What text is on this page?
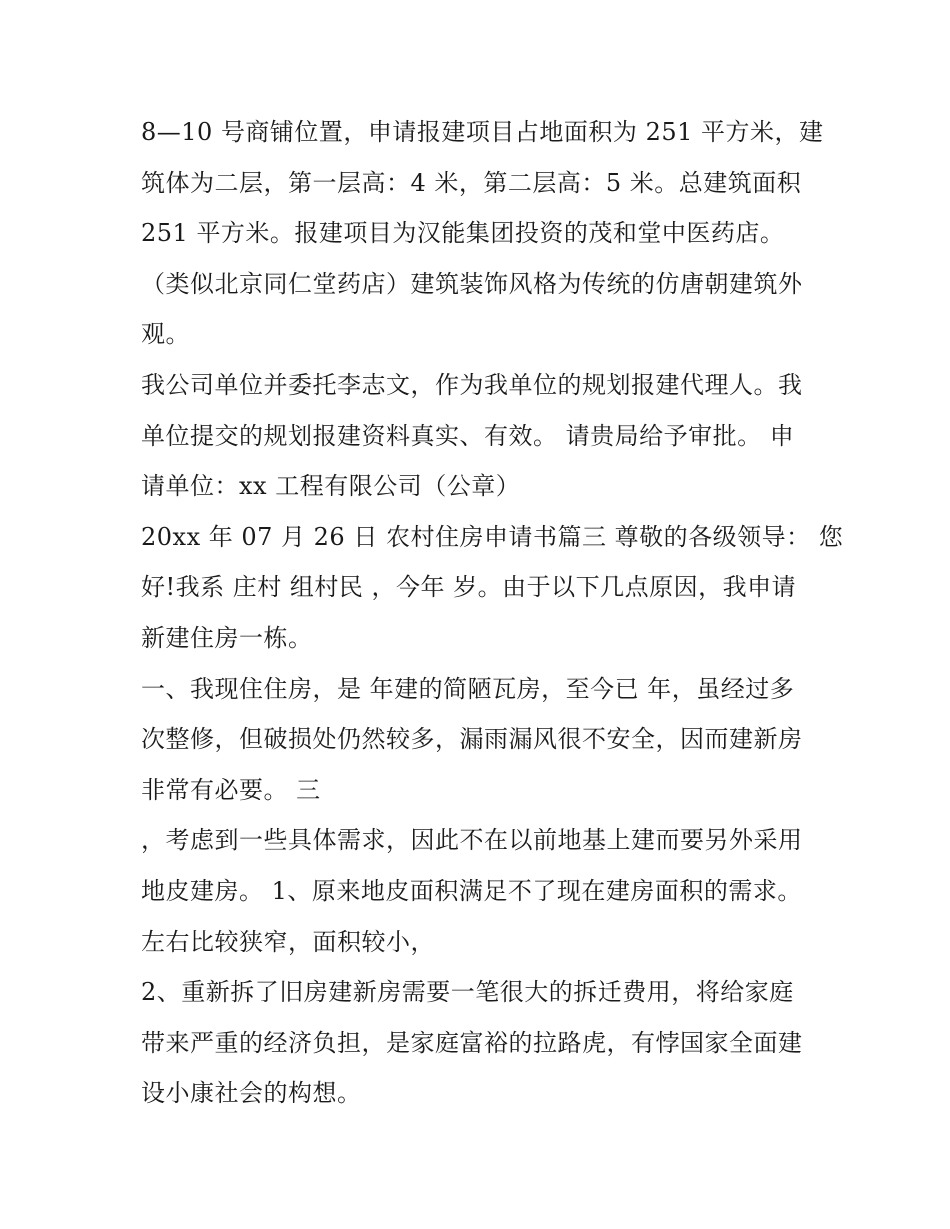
8—10 号商铺位置，申请报建项目占地面积为 251 平方米，建
筑体为二层，第一层高：4 米，第二层高：5 米。总建筑面积
251 平方米。报建项目为汉能集团投资的茂和堂中医药店。
（类似北京同仁堂药店）建筑装饰风格为传统的仿唐朝建筑外
观。
我公司单位并委托李志文，作为我单位的规划报建代理人。我
单位提交的规划报建资料真实、有效。 请贵局给予审批。 申
请单位：xx 工程有限公司（公章）
20xx 年 07 月 26 日 农村住房申请书篇三 尊敬的各级领导： 您
好!我系 庄村 组村民 ，今年 岁。由于以下几点原因，我申请
新建住房一栋。
一、我现住住房，是 年建的简陋瓦房，至今已 年，虽经过多
次整修，但破损处仍然较多，漏雨漏风很不安全，因而建新房
非常有必要。 三
，考虑到一些具体需求，因此不在以前地基上建而要另外采用
地皮建房。 1、原来地皮面积满足不了现在建房面积的需求。
左右比较狭窄，面积较小，
2、重新拆了旧房建新房需要一笔很大的拆迁费用，将给家庭
带来严重的经济负担，是家庭富裕的拉路虎，有悖国家全面建
设小康社会的构想。
